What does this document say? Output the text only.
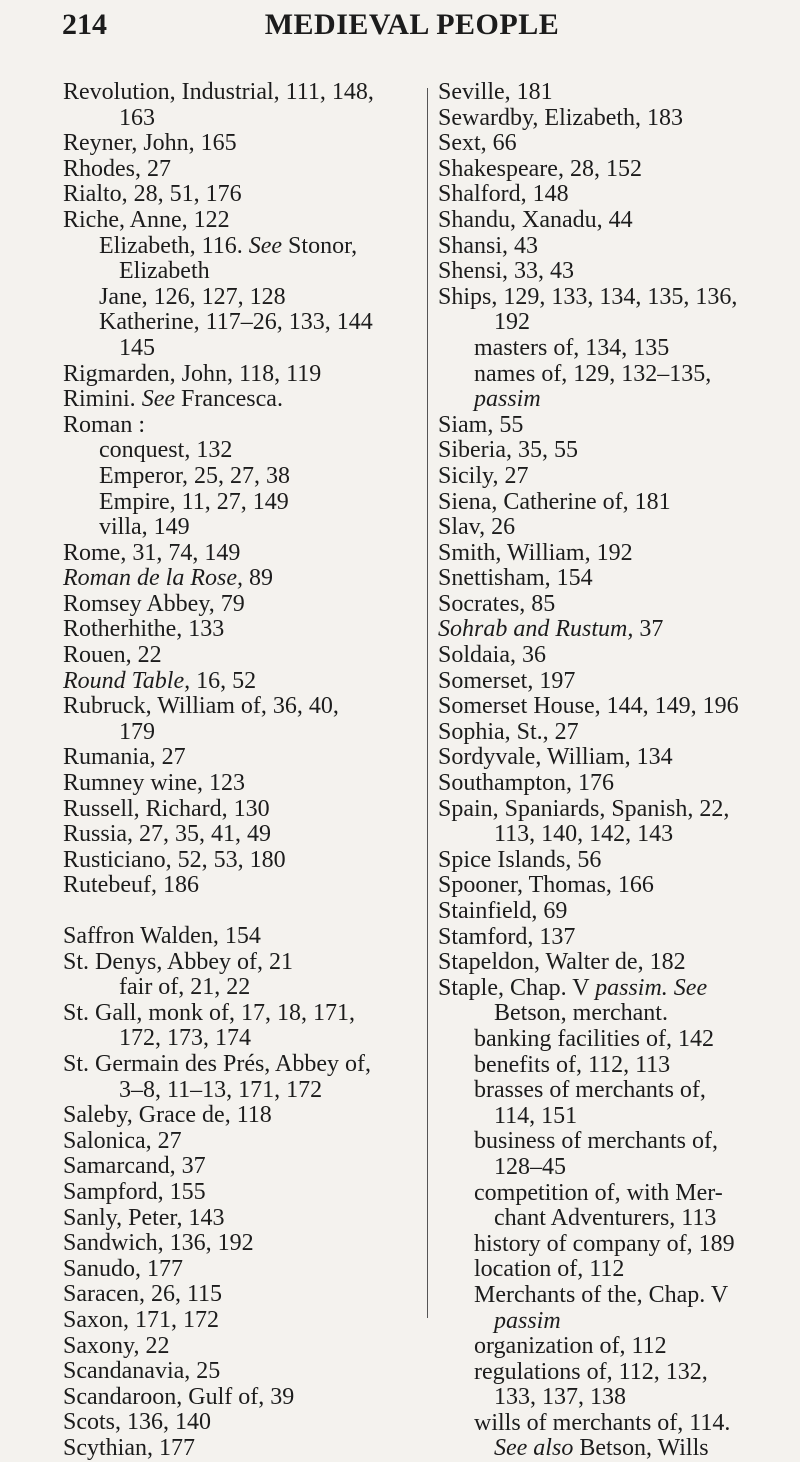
214	MEDIEVAL PEOPLE
Revolution, Industrial, 111, 148,
163
Reyner, John, 165
Rhodes, 27
Rialto, 28, 51, 176
Riche, Anne, 122
Elizabeth, 116. See Stonor,
Elizabeth
Jane, 126, 127, 128
Katherine, 117–26, 133, 144
145
Rigmarden, John, 118, 119
Rimini. See Francesca.
Roman :
conquest, 132
Emperor, 25, 27, 38
Empire, 11, 27, 149
villa, 149
Rome, 31, 74, 149
Roman de la Rose, 89
Romsey Abbey, 79
Rotherhithe, 133
Rouen, 22
Round Table, 16, 52
Rubruck, William of, 36, 40,
179
Rumania, 27
Rumney wine, 123
Russell, Richard, 130
Russia, 27, 35, 41, 49
Rusticiano, 52, 53, 180
Rutebeuf, 186
Saffron Walden, 154
St. Denys, Abbey of, 21
fair of, 21, 22
St. Gall, monk of, 17, 18, 171,
172, 173, 174
St. Germain des Prés, Abbey of,
3–8, 11–13, 171, 172
Saleby, Grace de, 118
Salonica, 27
Samarcand, 37
Sampford, 155
Sanly, Peter, 143
Sandwich, 136, 192
Sanudo, 177
Saracen, 26, 115
Saxon, 171, 172
Saxony, 22
Scandanavia, 25
Scandaroon, Gulf of, 39
Scots, 136, 140
Scythian, 177
Seville, 181
Sewardby, Elizabeth, 183
Sext, 66
Shakespeare, 28, 152
Shalford, 148
Shandu, Xanadu, 44
Shansi, 43
Shensi, 33, 43
Ships, 129, 133, 134, 135, 136,
192
masters of, 134, 135
names of, 129, 132–135,
passim
Siam, 55
Siberia, 35, 55
Sicily, 27
Siena, Catherine of, 181
Slav, 26
Smith, William, 192
Snettisham, 154
Socrates, 85
Sohrab and Rustum, 37
Soldaia, 36
Somerset, 197
Somerset House, 144, 149, 196
Sophia, St., 27
Sordyvale, William, 134
Southampton, 176
Spain, Spaniards, Spanish, 22,
113, 140, 142, 143
Spice Islands, 56
Spooner, Thomas, 166
Stainfield, 69
Stamford, 137
Stapeldon, Walter de, 182
Staple, Chap. V passim. See
Betson, merchant.
banking facilities of, 142
benefits of, 112, 113
brasses of merchants of,
114, 151
business of merchants of,
128–45
competition of, with Mer-
chant Adventurers, 113
history of company of, 189
location of, 112
Merchants of the, Chap. V
passim
organization of, 112
regulations of, 112, 132,
133, 137, 138
wills of merchants of, 114.
See also Betson, Wills
